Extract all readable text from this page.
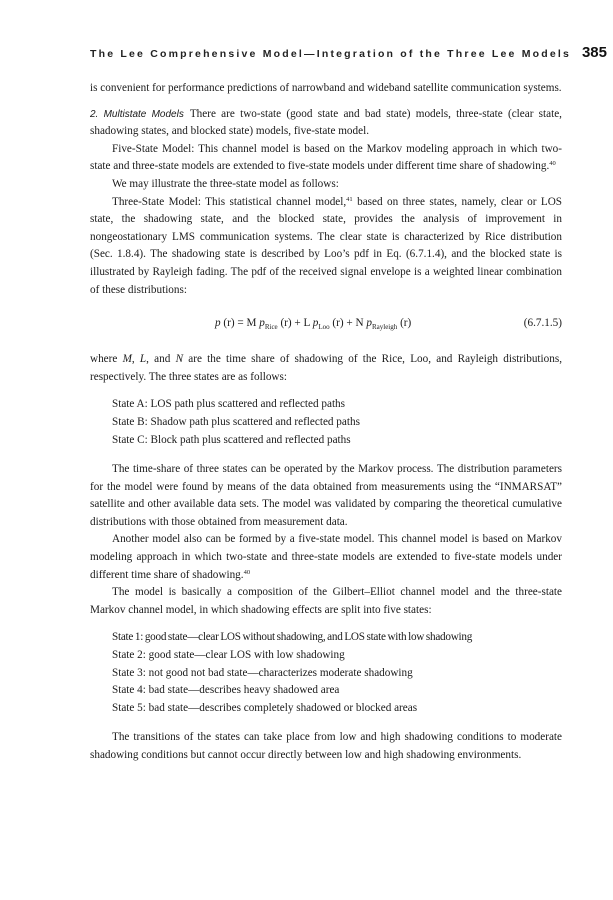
The Lee Comprehensive Model—Integration of the Three Lee Models 385

is convenient for performance predictions of narrowband and wideband satellite communication systems.

2. Multistate Models There are two-state (good state and bad state) models, three-state (clear state, shadowing states, and blocked state) models, five-state model.

Five-State Model: This channel model is based on the Markov modeling approach in which two-state and three-state models are extended to five-state models under different time share of shadowing.$^{40}$

We may illustrate the three-state model as follows:

Three-State Model: This statistical channel model,$^{41}$ based on three states, namely, clear or LOS state, the shadowing state, and the blocked state, provides the analysis of improvement in nongeostationary LMS communication systems. The clear state is characterized by Rice distribution (Sec. 1.8.4). The shadowing state is described by Loo’s pdf in Eq. (6.7.1.4), and the blocked state is illustrated by Rayleigh fading. The pdf of the received signal envelope is a weighted linear combination of these distributions:

p (r) = M $p_{Rice}$ (r) + L $p_{Loo}$ (r) + N $p_{Rayleigh}$ (r)	(6.7.1.5)

where M, L, and N are the time share of shadowing of the Rice, Loo, and Rayleigh distributions, respectively. The three states are as follows:

State A: LOS path plus scattered and reflected paths
State B: Shadow path plus scattered and reflected paths
State C: Block path plus scattered and reflected paths

The time-share of three states can be operated by the Markov process. The distribution parameters for the model were found by means of the data obtained from measurements using the “INMARSAT” satellite and other available data sets. The model was validated by comparing the theoretical cumulative distributions with those obtained from measurement data.

Another model also can be formed by a five-state model. This channel model is based on Markov modeling approach in which two-state and three-state models are extended to five-state models under different time share of shadowing.$^{40}$

The model is basically a composition of the Gilbert–Elliot channel model and the three-state Markov channel model, in which shadowing effects are split into five states:

State 1: good state—clear LOS without shadowing, and LOS state with low shadowing
State 2: good state—clear LOS with low shadowing
State 3: not good not bad state—characterizes moderate shadowing
State 4: bad state—describes heavy shadowed area
State 5: bad state—describes completely shadowed or blocked areas

The transitions of the states can take place from low and high shadowing conditions to moderate shadowing conditions but cannot occur directly between low and high shadowing environments.
